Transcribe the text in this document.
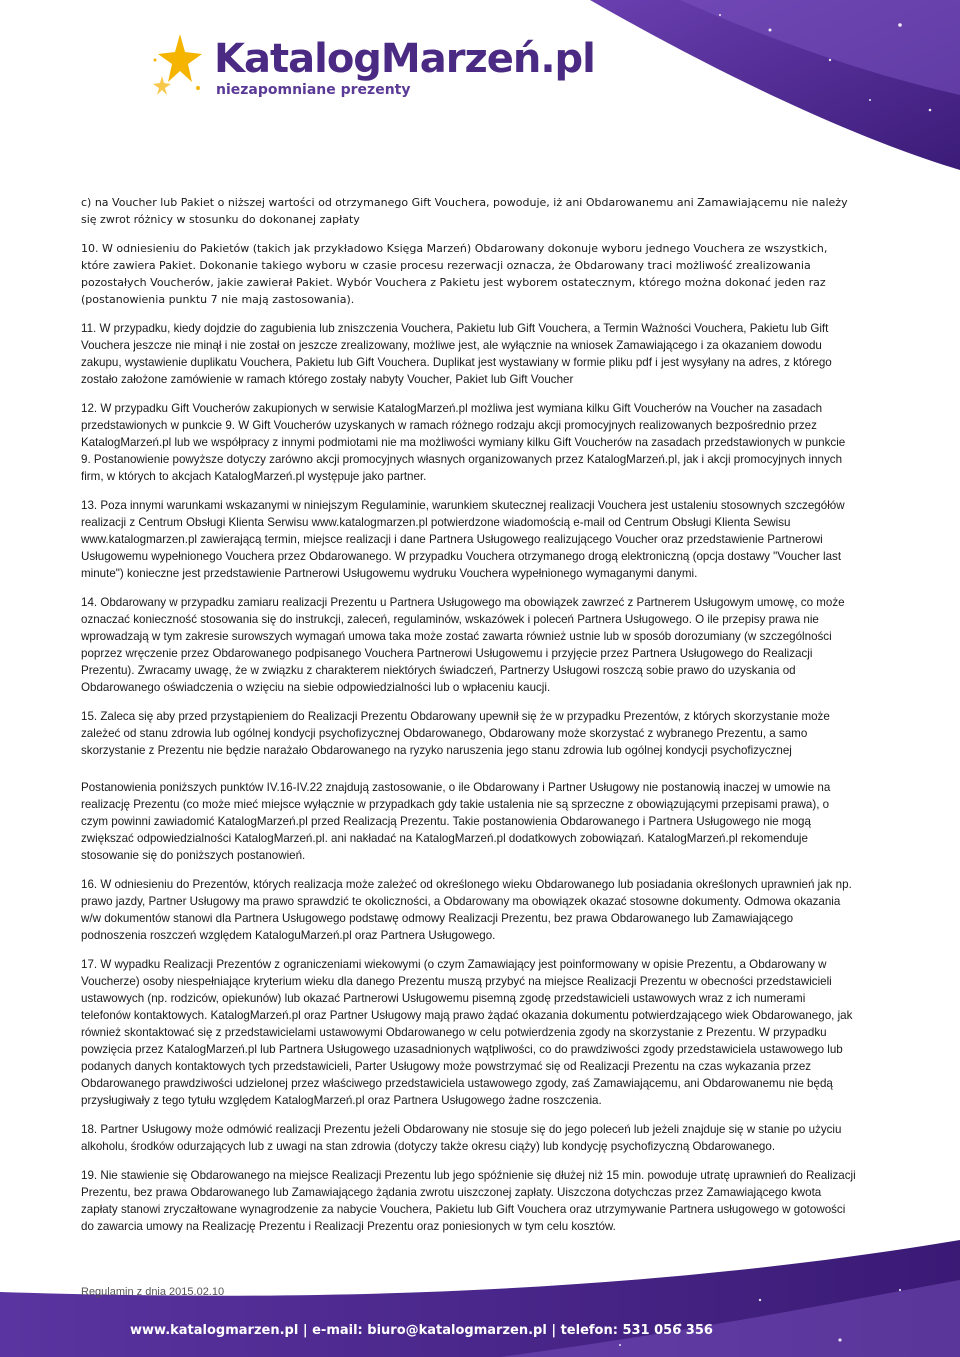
KatalogMarzeń.pl
niezapomniane prezenty

c) na Voucher lub Pakiet o niższej wartości od otrzymanego Gift Vouchera, powoduje, iż ani Obdarowanemu ani Zamawiającemu nie należy się zwrot różnicy w stosunku do dokonanej zapłaty

10. W odniesieniu do Pakietów (takich jak przykładowo Księga Marzeń) Obdarowany dokonuje wyboru jednego Vouchera ze wszystkich, które zawiera Pakiet. Dokonanie takiego wyboru w czasie procesu rezerwacji oznacza, że Obdarowany traci możliwość zrealizowania pozostałych Voucherów, jakie zawierał Pakiet. Wybór Vouchera z Pakietu jest wyborem ostatecznym, którego można dokonać jeden raz (postanowienia punktu 7 nie mają zastosowania).

11. W przypadku, kiedy dojdzie do zagubienia lub zniszczenia Vouchera, Pakietu lub Gift Vouchera, a Termin Ważności Vouchera, Pakietu lub Gift Vouchera jeszcze nie minął i nie został on jeszcze zrealizowany, możliwe jest, ale wyłącznie na wniosek Zamawiającego i za okazaniem dowodu zakupu, wystawienie duplikatu Vouchera, Pakietu lub Gift Vouchera. Duplikat jest wystawiany w formie pliku pdf i jest wysyłany na adres, z którego zostało założone zamówienie w ramach którego zostały nabyty Voucher, Pakiet lub Gift Voucher

12. W przypadku Gift Voucherów zakupionych w serwisie KatalogMarzeń.pl możliwa jest wymiana kilku Gift Voucherów na Voucher na zasadach przedstawionych w punkcie 9. W Gift Voucherów uzyskanych w ramach różnego rodzaju akcji promocyjnych realizowanych bezpośrednio przez KatalogMarzeń.pl lub we współpracy z innymi podmiotami nie ma możliwości wymiany kilku Gift Voucherów na zasadach przedstawionych w punkcie 9. Postanowienie powyższe dotyczy zarówno akcji promocyjnych własnych organizowanych przez KatalogMarzeń.pl, jak i akcji promocyjnych innych firm, w których to akcjach KatalogMarzeń.pl występuje jako partner.

13. Poza innymi warunkami wskazanymi w niniejszym Regulaminie, warunkiem skutecznej realizacji Vouchera jest ustaleniu stosownych szczegółów realizacji z Centrum Obsługi Klienta Serwisu www.katalogmarzen.pl potwierdzone wiadomością e-mail od Centrum Obsługi Klienta Sewisu www.katalogmarzen.pl zawierającą termin, miejsce realizacji i dane Partnera Usługowego realizującego Voucher oraz przedstawienie Partnerowi Usługowemu wypełnionego Vouchera przez Obdarowanego. W przypadku Vouchera otrzymanego drogą elektroniczną (opcja dostawy "Voucher last minute") konieczne jest przedstawienie Partnerowi Usługowemu wydruku Vouchera wypełnionego wymaganymi danymi.

14. Obdarowany w przypadku zamiaru realizacji Prezentu u Partnera Usługowego ma obowiązek zawrzeć z Partnerem Usługowym umowę, co może oznaczać konieczność stosowania się do instrukcji, zaleceń, regulaminów, wskazówek i poleceń Partnera Usługowego. O ile przepisy prawa nie wprowadzają w tym zakresie surowszych wymagań umowa taka może zostać zawarta również ustnie lub w sposób dorozumiany (w szczególności poprzez wręczenie przez Obdarowanego podpisanego Vouchera Partnerowi Usługowemu i przyjęcie przez Partnera Usługowego do Realizacji Prezentu). Zwracamy uwagę, że w związku z charakterem niektórych świadczeń, Partnerzy Usługowi roszczą sobie prawo do uzyskania od Obdarowanego oświadczenia o wzięciu na siebie odpowiedzialności lub o wpłaceniu kaucji.

15. Zaleca się aby przed przystąpieniem do Realizacji Prezentu Obdarowany upewnił się że w przypadku Prezentów, z których skorzystanie może zależeć od stanu zdrowia lub ogólnej kondycji psychofizycznej Obdarowanego, Obdarowany może skorzystać z wybranego Prezentu, a samo skorzystanie z Prezentu nie będzie narażało Obdarowanego na ryzyko naruszenia jego stanu zdrowia lub ogólnej kondycji psychofizycznej

Postanowienia poniższych punktów IV.16-IV.22 znajdują zastosowanie, o ile Obdarowany i Partner Usługowy nie postanowią inaczej w umowie na realizację Prezentu (co może mieć miejsce wyłącznie w przypadkach gdy takie ustalenia nie są sprzeczne z obowiązującymi przepisami prawa), o czym powinni zawiadomić KatalogMarzeń.pl przed Realizacją Prezentu. Takie postanowienia Obdarowanego i Partnera Usługowego nie mogą zwiększać odpowiedzialności KatalogMarzeń.pl. ani nakładać na KatalogMarzeń.pl dodatkowych zobowiązań. KatalogMarzeń.pl rekomenduje stosowanie się do poniższych postanowień.

16. W odniesieniu do Prezentów, których realizacja może zależeć od określonego wieku Obdarowanego lub posiadania określonych uprawnień jak np. prawo jazdy, Partner Usługowy ma prawo sprawdzić te okoliczności, a Obdarowany ma obowiązek okazać stosowne dokumenty. Odmowa okazania w/w dokumentów stanowi dla Partnera Usługowego podstawę odmowy Realizacji Prezentu, bez prawa Obdarowanego lub Zamawiającego podnoszenia roszczeń względem KataloguMarzeń.pl oraz Partnera Usługowego.

17. W wypadku Realizacji Prezentów z ograniczeniami wiekowymi (o czym Zamawiający jest poinformowany w opisie Prezentu, a Obdarowany w Voucherze) osoby niespełniające kryterium wieku dla danego Prezentu muszą przybyć na miejsce Realizacji Prezentu w obecności przedstawicieli ustawowych (np. rodziców, opiekunów) lub okazać Partnerowi Usługowemu pisemną zgodę przedstawicieli ustawowych wraz z ich numerami telefonów kontaktowych. KatalogMarzeń.pl oraz Partner Usługowy mają prawo żądać okazania dokumentu potwierdzającego wiek Obdarowanego, jak również skontaktować się z przedstawicielami ustawowymi Obdarowanego w celu potwierdzenia zgody na skorzystanie z Prezentu. W przypadku powzięcia przez KatalogMarzeń.pl lub Partnera Usługowego uzasadnionych wątpliwości, co do prawdziwości zgody przedstawiciela ustawowego lub podanych danych kontaktowych tych przedstawicieli, Parter Usługowy może powstrzymać się od Realizacji Prezentu na czas wykazania przez Obdarowanego prawdziwości udzielonej przez właściwego przedstawiciela ustawowego zgody, zaś Zamawiającemu, ani Obdarowanemu nie będą przysługiwały z tego tytułu względem KatalogMarzeń.pl oraz Partnera Usługowego żadne roszczenia.

18. Partner Usługowy może odmówić realizacji Prezentu jeżeli Obdarowany nie stosuje się do jego poleceń lub jeżeli znajduje się w stanie po użyciu alkoholu, środków odurzających lub z uwagi na stan zdrowia (dotyczy także okresu ciąży) lub kondycję psychofizyczną Obdarowanego.

19. Nie stawienie się Obdarowanego na miejsce Realizacji Prezentu lub jego spóźnienie się dłużej niż 15 min. powoduje utratę uprawnień do Realizacji Prezentu, bez prawa Obdarowanego lub Zamawiającego żądania zwrotu uiszczonej zapłaty. Uiszczona dotychczas przez Zamawiającego kwota zapłaty stanowi zryczałtowane wynagrodzenie za nabycie Vouchera, Pakietu lub Gift Vouchera oraz utrzymywanie Partnera usługowego w gotowości do zawarcia umowy na Realizację Prezentu i Realizacji Prezentu oraz poniesionych w tym celu kosztów.

Regulamin z dnia 2015.02.10
www.katalogmarzen.pl | e-mail: biuro@katalogmarzen.pl | telefon: 531 056 356
